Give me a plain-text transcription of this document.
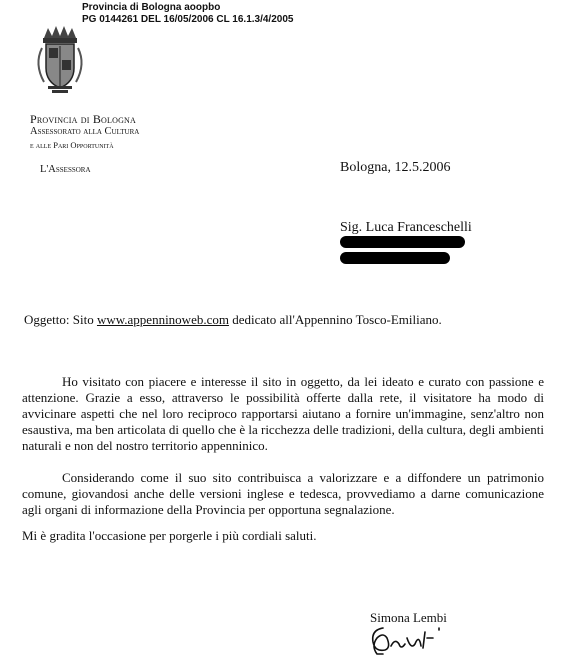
Provincia di Bologna aoopbo
PG 0144261 DEL 16/05/2006 CL 16.1.3/4/2005
Provincia di Bologna
Assessorato alla Cultura
e alle Pari Opportunità
L'Assessora	Bologna, 12.5.2006
Sig. Luca Franceschelli
Oggetto: Sito www.appenninoweb.com dedicato all'Appennino Tosco-Emiliano.
Ho visitato con piacere e interesse il sito in oggetto, da lei ideato e curato con passione e attenzione. Grazie a esso, attraverso le possibilità offerte dalla rete, il visitatore ha modo di avvicinare aspetti che nel loro reciproco rapportarsi aiutano a fornire un'immagine, senz'altro non esaustiva, ma ben articolata di quello che è la ricchezza delle tradizioni, della cultura, degli ambienti naturali e non del nostro territorio appenninico.
Considerando come il suo sito contribuisca a valorizzare e a diffondere un patrimonio comune, giovandosi anche delle versioni inglese e tedesca, provvediamo a darne comunicazione agli organi di informazione della Provincia per opportuna segnalazione.
Mi è gradita l'occasione per porgerle i più cordiali saluti.
Simona Lembi
